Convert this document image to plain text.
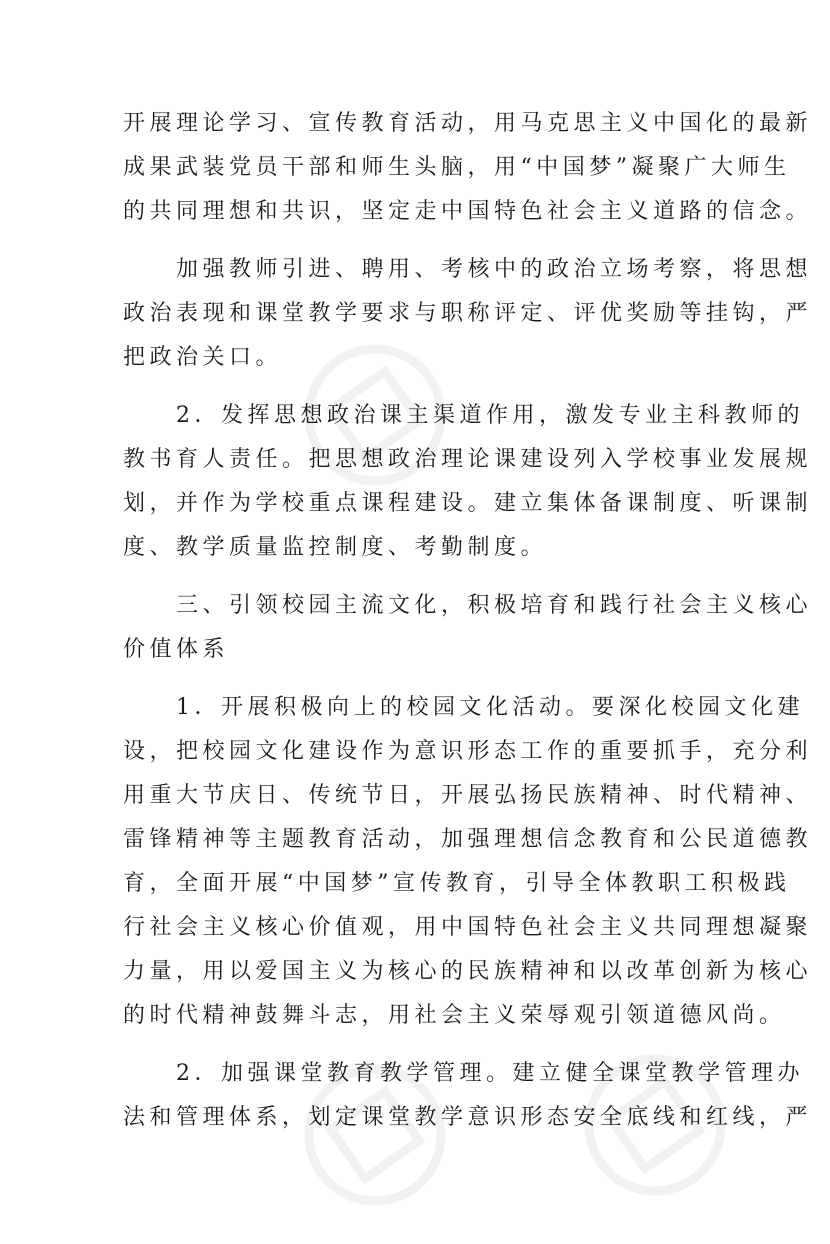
开展理论学习、宣传教育活动，用马克思主义中国化的最新
成果武装党员干部和师生头脑，用“中国梦”凝聚广大师生
的共同理想和共识，坚定走中国特色社会主义道路的信念。
　　加强教师引进、聘用、考核中的政治立场考察，将思想
政治表现和课堂教学要求与职称评定、评优奖励等挂钩，严
把政治关口。
　　2．发挥思想政治课主渠道作用，激发专业主科教师的
教书育人责任。把思想政治理论课建设列入学校事业发展规
划，并作为学校重点课程建设。建立集体备课制度、听课制
度、教学质量监控制度、考勤制度。
　　三、引领校园主流文化，积极培育和践行社会主义核心
价值体系
　　1．开展积极向上的校园文化活动。要深化校园文化建
设，把校园文化建设作为意识形态工作的重要抓手，充分利
用重大节庆日、传统节日，开展弘扬民族精神、时代精神、
雷锋精神等主题教育活动，加强理想信念教育和公民道德教
育，全面开展“中国梦”宣传教育，引导全体教职工积极践
行社会主义核心价值观，用中国特色社会主义共同理想凝聚
力量，用以爱国主义为核心的民族精神和以改革创新为核心
的时代精神鼓舞斗志，用社会主义荣辱观引领道德风尚。
　　2．加强课堂教育教学管理。建立健全课堂教学管理办
法和管理体系，划定课堂教学意识形态安全底线和红线，严
